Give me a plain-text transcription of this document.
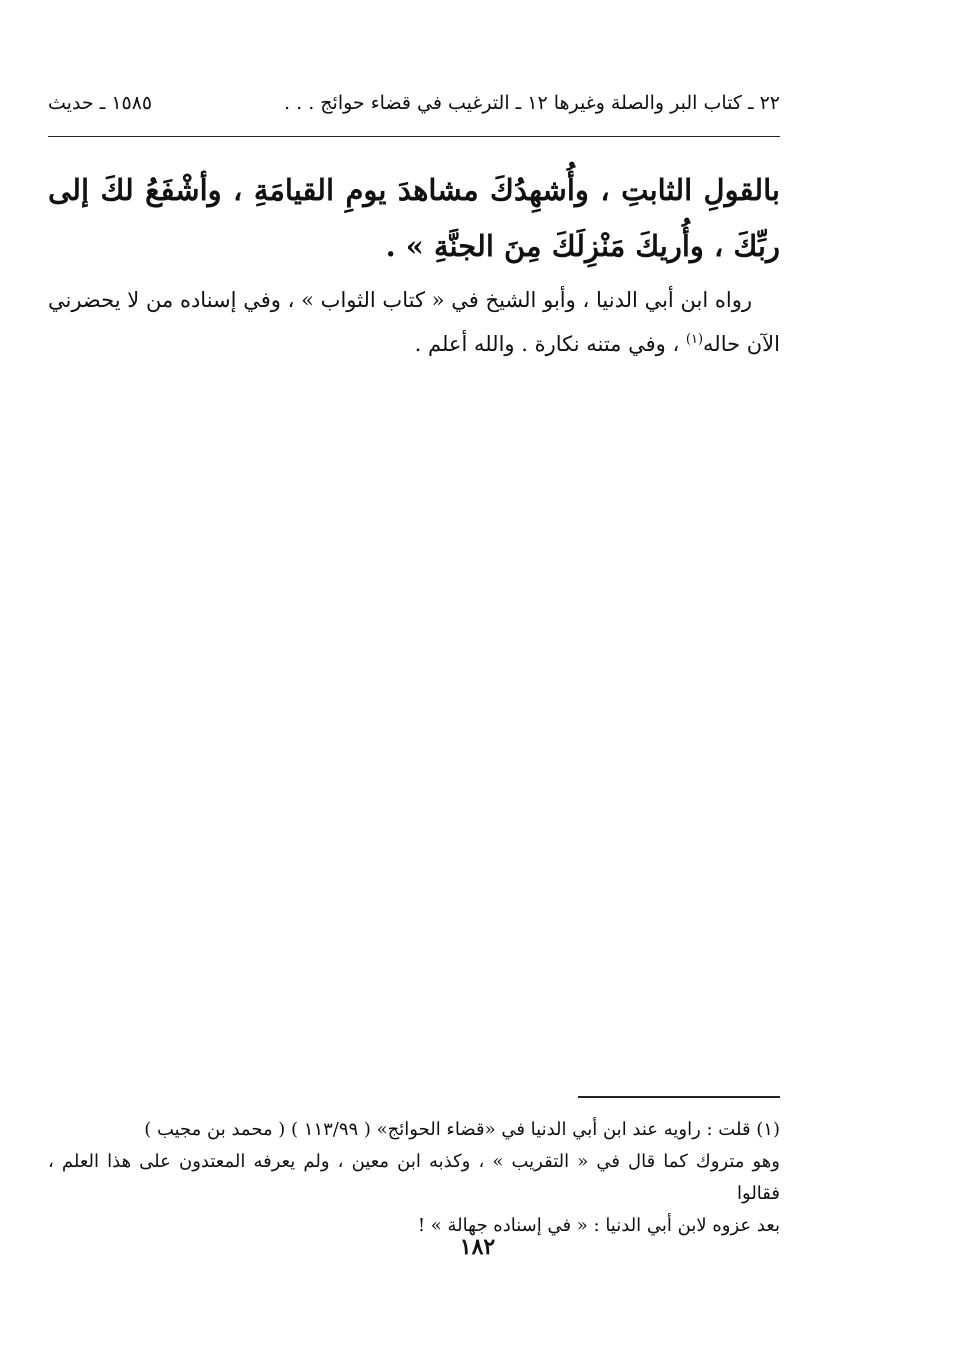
٢٢ ـ كتاب البر والصلة وغيرها ١٢ ـ الترغيب في قضاء حوائج . . .
١٥٨٥ ـ حديث

بالقولِ الثابتِ ، وأُشهِدُكَ مشاهدَ يومِ القيامَةِ ، وأشْفَعُ لكَ إلى ربِّكَ ، وأُريكَ مَنْزِلَكَ مِنَ الجنَّةِ » .

رواه ابن أبي الدنيا ، وأبو الشيخ في « كتاب الثواب » ، وفي إسناده من لا يحضرني الآن حاله$^{(١)}$ ، وفي متنه نكارة . والله أعلم .

(١) قلت : راويه عند ابن أبي الدنيا في «قضاء الحوائج» ( ١١٣/٩٩ ) ( محمد بن مجيب )

وهو متروك كما قال في « التقريب » ، وكذبه ابن معين ، ولم يعرفه المعتدون على هذا العلم ، فقالوا

بعد عزوه لابن أبي الدنيا : « في إسناده جهالة » !

١٨٢
